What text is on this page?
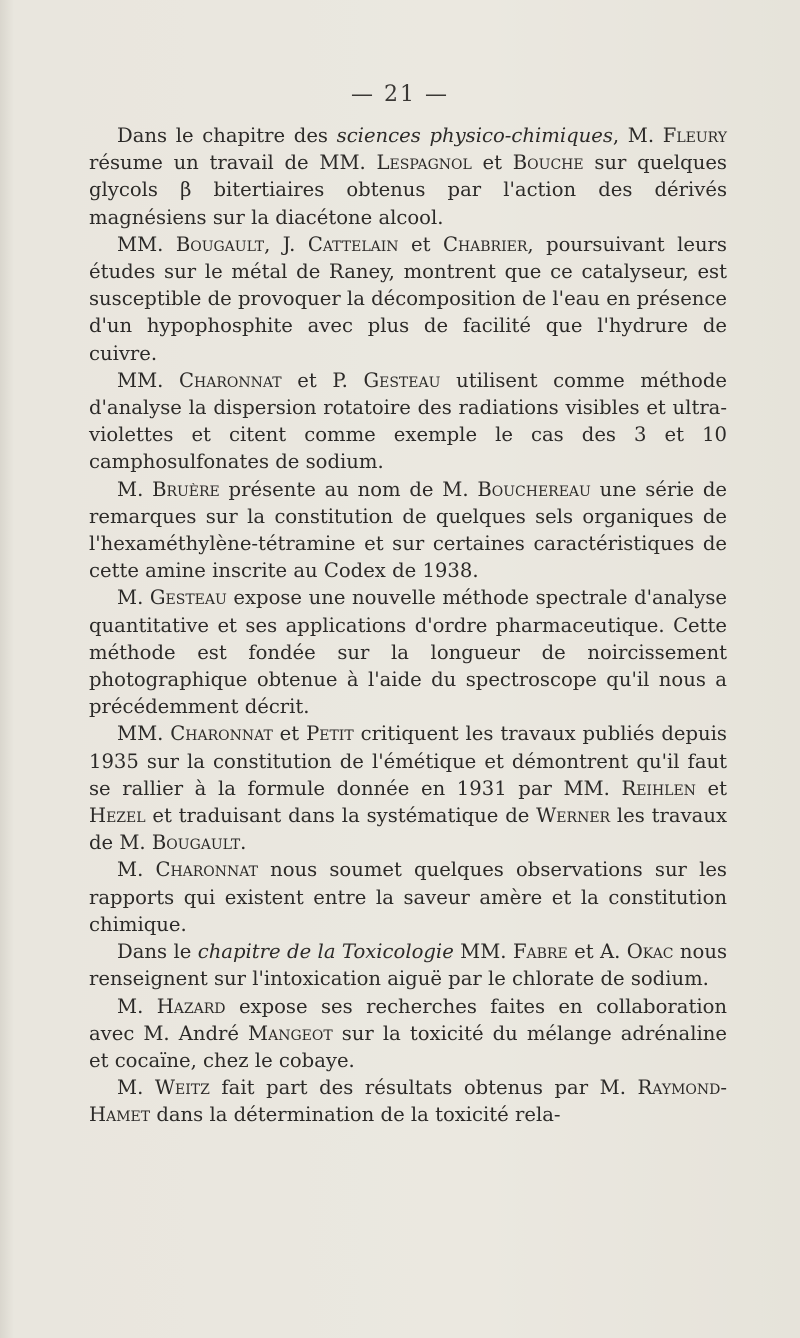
— 21 —

Dans le chapitre des sciences physico-chimiques, M. Fleury résume un travail de MM. Lespagnol et Bouche sur quelques glycols β bitertiaires obtenus par l'action des dérivés magnésiens sur la diacétone alcool.

MM. Bougault, J. Cattelain et Chabrier, poursuivant leurs études sur le métal de Raney, montrent que ce catalyseur, est susceptible de provoquer la décomposition de l'eau en présence d'un hypophosphite avec plus de facilité que l'hydrure de cuivre.

MM. Charonnat et P. Gesteau utilisent comme méthode d'analyse la dispersion rotatoire des radiations visibles et ultra-violettes et citent comme exemple le cas des 3 et 10 camphosulfonates de sodium.

M. Bruère présente au nom de M. Bouchereau une série de remarques sur la constitution de quelques sels organiques de l'hexaméthylène-tétramine et sur certaines caractéristiques de cette amine inscrite au Codex de 1938.

M. Gesteau expose une nouvelle méthode spectrale d'analyse quantitative et ses applications d'ordre pharmaceutique. Cette méthode est fondée sur la longueur de noircissement photographique obtenue à l'aide du spectroscope qu'il nous a précédemment décrit.

MM. Charonnat et Petit critiquent les travaux publiés depuis 1935 sur la constitution de l'émétique et démontrent qu'il faut se rallier à la formule donnée en 1931 par MM. Reihlen et Hezel et traduisant dans la systématique de Werner les travaux de M. Bougault.

M. Charonnat nous soumet quelques observations sur les rapports qui existent entre la saveur amère et la constitution chimique.

Dans le chapitre de la Toxicologie MM. Fabre et A. Okac nous renseignent sur l'intoxication aiguë par le chlorate de sodium.

M. Hazard expose ses recherches faites en collaboration avec M. André Mangeot sur la toxicité du mélange adrénaline et cocaïne, chez le cobaye.

M. Weitz fait part des résultats obtenus par M. Raymond-Hamet dans la détermination de la toxicité rela-
